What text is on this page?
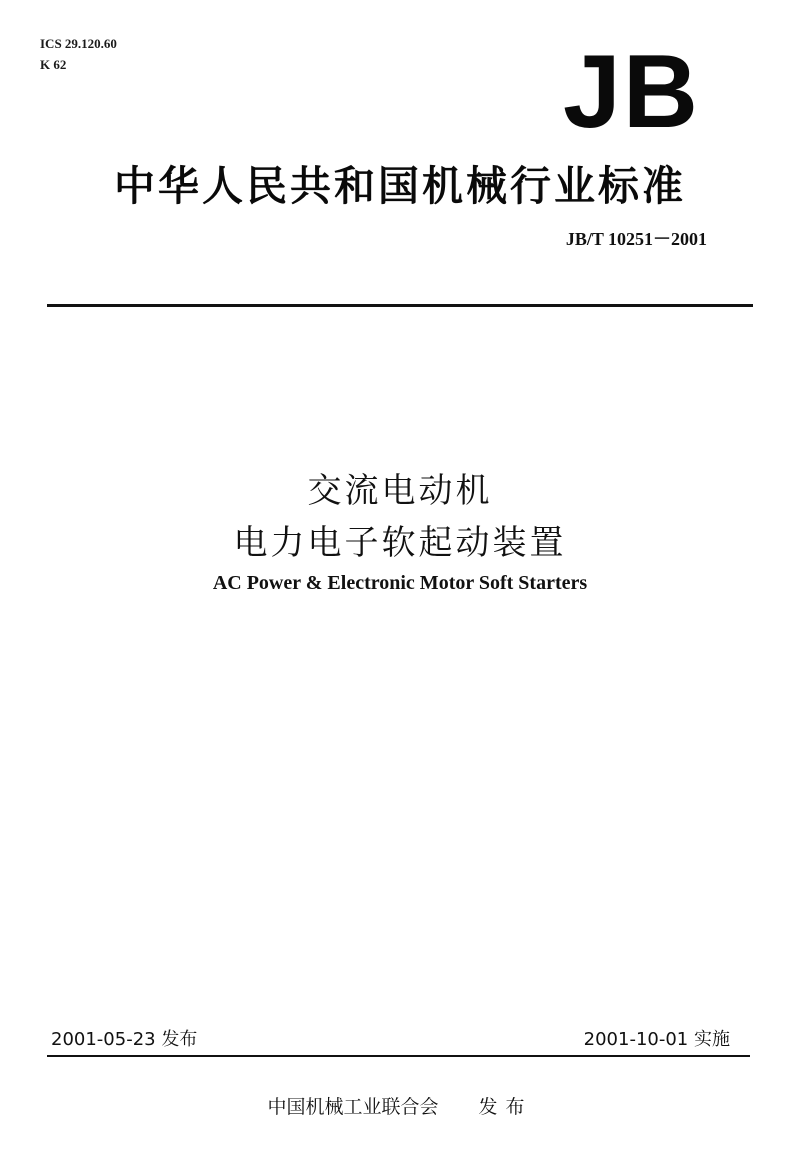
ICS 29.120.60
K 62	JB
中华人民共和国机械行业标准
JB/T 10251－2001
交流电动机
电力电子软起动装置
AC Power & Electronic Motor Soft Starters
2001-05-23 发布	2001-10-01 实施
中国机械工业联合会 发布
